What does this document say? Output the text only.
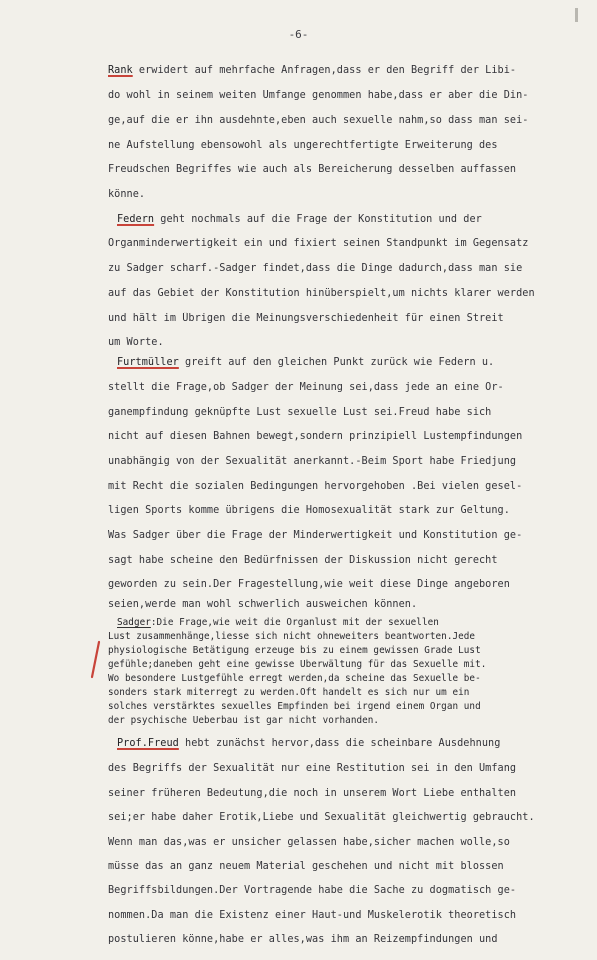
-6-
Rank erwidert auf mehrfache Anfragen,dass er den Begriff der Libi-
do wohl in seinem weiten Umfange genommen habe,dass er aber die Din-
ge,auf die er ihn ausdehnte,eben auch sexuelle nahm,so dass man sei-
ne Aufstellung ebensowohl als ungerechtfertigte Erweiterung des
Freudschen Begriffes wie auch als Bereicherung desselben auffassen
könne.
Federn geht nochmals auf die Frage der Konstitution und der
Organminderwertigkeit ein und fixiert seinen Standpunkt im Gegensatz
zu Sadger scharf.-Sadger findet,dass die Dinge dadurch,dass man sie
auf das Gebiet der Konstitution hinüberspielt,um nichts klarer werden
und hält im Übrigen die Meinungsverschiedenheit für einen Streit
um Worte.
Furtmüller greift auf den gleichen Punkt zurück wie Federn u.
stellt die Frage,ob Sadger der Meinung sei,dass jede an eine Or-
ganempfindung geknüpfte Lust sexuelle Lust sei.Freud habe sich
nicht auf diesen Bahnen bewegt,sondern prinzipiell Lustempfindungen
unabhängig von der Sexualität anerkannt.-Beim Sport habe Friedjung
mit Recht die sozialen Bedingungen hervorgehoben .Bei vielen gesel-
ligen Sports komme übrigens die Homosexualität stark zur Geltung.
Was Sadger über die Frage der Minderwertigkeit und Konstitution ge-
sagt habe scheine den Bedürfnissen der Diskussion nicht gerecht
geworden zu sein.Der Fragestellung,wie weit diese Dinge angeboren
seien,werde man wohl schwerlich ausweichen können.
Sadger:Die Frage,wie weit die Organlust mit der sexuellen
Lust zusammenhänge,liesse sich nicht ohneweiters beantworten.Jede
physiologische Betätigung erzeuge bis zu einem gewissen Grade Lust
gefühle;daneben geht eine gewisse Überwältung für das Sexuelle mit.
Wo besondere Lustgefühle erregt werden,da scheine das Sexuelle be-
sonders stark miterregt zu werden.Oft handelt es sich nur um ein
solches verstärktes sexuelles Empfinden bei irgend einem Organ und
der psychische Ueberbau ist gar nicht vorhanden.
Prof.Freud hebt zunächst hervor,dass die scheinbare Ausdehnung
des Begriffs der Sexualität nur eine Restitution sei in den Umfang
seiner früheren Bedeutung,die noch in unserem Wort Liebe enthalten
sei;er habe daher Erotik,Liebe und Sexualität gleichwertig gebraucht.
Wenn man das,was er unsicher gelassen habe,sicher machen wolle,so
müsse das an ganz neuem Material geschehen und nicht mit blossen
Begriffsbildungen.Der Vortragende habe die Sache zu dogmatisch ge-
nommen.Da man die Existenz einer Haut-und Muskelerotik theoretisch
postulieren könne,habe er alles,was ihm an Reizempfindungen und
